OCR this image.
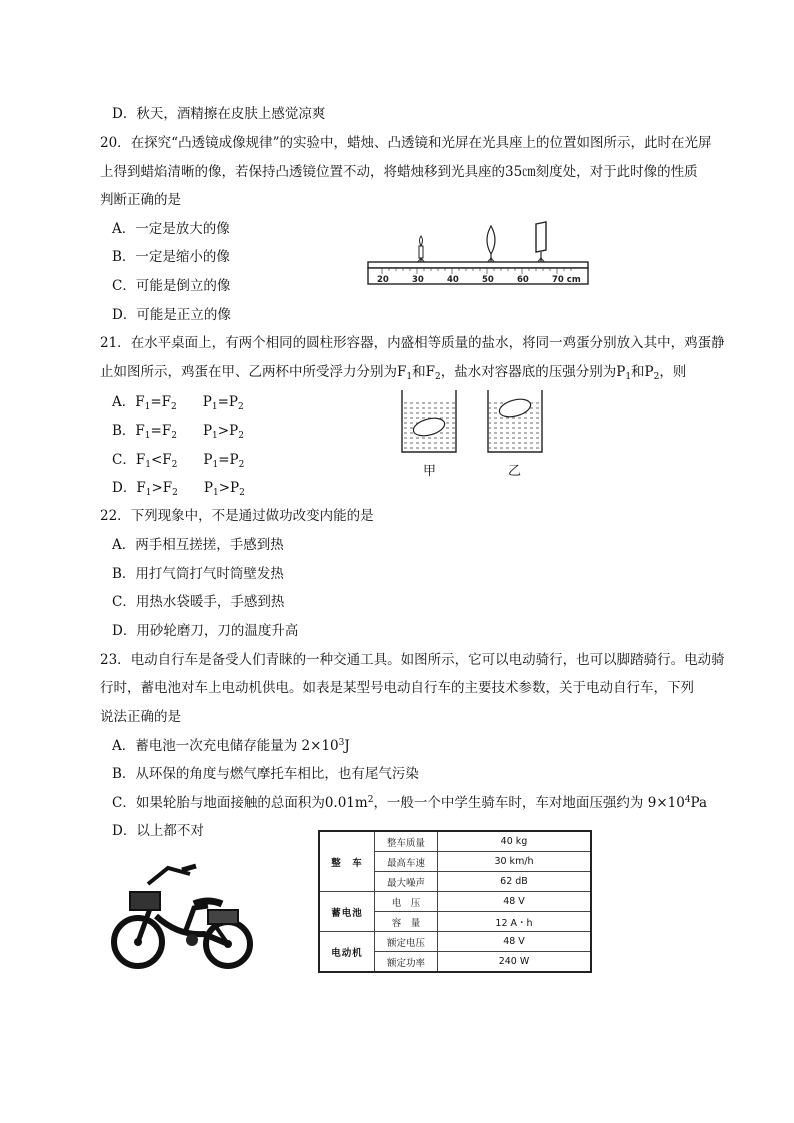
D．秋天，酒精擦在皮肤上感觉凉爽
20．在探究“凸透镜成像规律”的实验中，蜡烛、凸透镜和光屏在光具座上的位置如图所示，此时在光屏
上得到蜡焰清晰的像，若保持凸透镜位置不动，将蜡烛移到光具座的35㎝刻度处，对于此时像的性质
判断正确的是
A．一定是放大的像
B．一定是缩小的像
C．可能是倒立的像
D．可能是正立的像
20	30	40	50	60	70 cm
21．在水平桌面上，有两个相同的圆柱形容器，内盛相等质量的盐水，将同一鸡蛋分别放入其中，鸡蛋静
止如图所示，鸡蛋在甲、乙两杯中所受浮力分别为$F_1$和$F_2$，盐水对容器底的压强分别为$P_1$和$P_2$，则
A．$F_1=F_2$ $P_1=P_2$
B．$F_1=F_2$ $P_1>P_2$
C．$F_1<F_2$ $P_1=P_2$
D．$F_1>F_2$ $P_1>P_2$
甲	乙
22．下列现象中，不是通过做功改变内能的是
A．两手相互搓搓，手感到热
B．用打气筒打气时筒壁发热
C．用热水袋暖手，手感到热
D．用砂轮磨刀，刀的温度升高
23．电动自行车是备受人们青睐的一种交通工具。如图所示，它可以电动骑行，也可以脚踏骑行。电动骑
行时，蓄电池对车上电动机供电。如表是某型号电动自行车的主要技术参数，关于电动自行车，下列
说法正确的是
A．蓄电池一次充电储存能量为 $2\times 10^3J$
B．从环保的角度与燃气摩托车相比，也有尾气污染
C．如果轮胎与地面接触的总面积为$0.01m^2$，一般一个中学生骑车时，车对地面压强约为 $9\times 10^4Pa$
D．以上都不对
整　车	整车质量	40 kg
	最高车速	30 km/h
	最大噪声	62 dB
蓄电池	电　压	48 V
	容　量	12 A・h
电动机	额定电压	48 V
	额定功率	240 W
